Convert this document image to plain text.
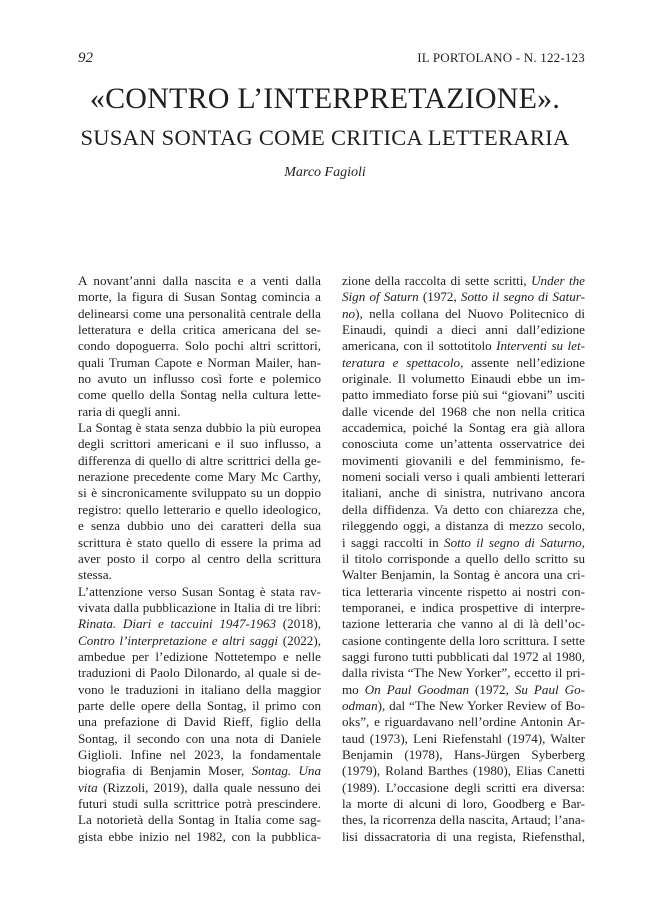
92	IL PORTOLANO - N. 122-123
«CONTRO L’INTERPRETAZIONE».
SUSAN SONTAG COME CRITICA LETTERARIA
Marco Fagioli
A novant’anni dalla nascita e a venti dalla
morte, la figura di Susan Sontag comincia a
delinearsi come una personalità centrale della
letteratura e della critica americana del se-
condo dopoguerra. Solo pochi altri scrittori,
quali Truman Capote e Norman Mailer, han-
no avuto un influsso così forte e polemico
come quello della Sontag nella cultura lette-
raria di quegli anni.
La Sontag è stata senza dubbio la più europea
degli scrittori americani e il suo influsso, a
differenza di quello di altre scrittrici della ge-
nerazione precedente come Mary Mc Carthy,
si è sincronicamente sviluppato su un doppio
registro: quello letterario e quello ideologico,
e senza dubbio uno dei caratteri della sua
scrittura è stato quello di essere la prima ad
aver posto il corpo al centro della scrittura
stessa.
L’attenzione verso Susan Sontag è stata rav-
vivata dalla pubblicazione in Italia di tre libri:
Rinata. Diari e taccuini 1947-1963 (2018),
Contro l’interpretazione e altri saggi (2022),
ambedue per l’edizione Nottetempo e nelle
traduzioni di Paolo Dilonardo, al quale si de-
vono le traduzioni in italiano della maggior
parte delle opere della Sontag, il primo con
una prefazione di David Rieff, figlio della
Sontag, il secondo con una nota di Daniele
Giglioli. Infine nel 2023, la fondamentale
biografia di Benjamin Moser, Sontag. Una
vita (Rizzoli, 2019), dalla quale nessuno dei
futuri studi sulla scrittrice potrà prescindere.
La notorietà della Sontag in Italia come sag-
gista ebbe inizio nel 1982, con la pubblica-
zione della raccolta di sette scritti, Under the
Sign of Saturn (1972, Sotto il segno di Satur-
no), nella collana del Nuovo Politecnico di
Einaudi, quindi a dieci anni dall’edizione
americana, con il sottotitolo Interventi su let-
teratura e spettacolo, assente nell’edizione
originale. Il volumetto Einaudi ebbe un im-
patto immediato forse più sui “giovani” usciti
dalle vicende del 1968 che non nella critica
accademica, poiché la Sontag era già allora
conosciuta come un’attenta osservatrice dei
movimenti giovanili e del femminismo, fe-
nomeni sociali verso i quali ambienti letterari
italiani, anche di sinistra, nutrivano ancora
della diffidenza. Va detto con chiarezza che,
rileggendo oggi, a distanza di mezzo secolo,
i saggi raccolti in Sotto il segno di Saturno,
il titolo corrisponde a quello dello scritto su
Walter Benjamin, la Sontag è ancora una cri-
tica letteraria vincente rispetto ai nostri con-
temporanei, e indica prospettive di interpre-
tazione letteraria che vanno al di là dell’oc-
casione contingente della loro scrittura. I sette
saggi furono tutti pubblicati dal 1972 al 1980,
dalla rivista “The New Yorker”, eccetto il pri-
mo On Paul Goodman (1972, Su Paul Go-
odman), dal “The New Yorker Review of Bo-
oks”, e riguardavano nell’ordine Antonin Ar-
taud (1973), Leni Riefenstahl (1974), Walter
Benjamin (1978), Hans-Jürgen Syberberg
(1979), Roland Barthes (1980), Elias Canetti
(1989). L’occasione degli scritti era diversa:
la morte di alcuni di loro, Goodberg e Bar-
thes, la ricorrenza della nascita, Artaud; l’ana-
lisi dissacratoria di una regista, Riefensthal,
